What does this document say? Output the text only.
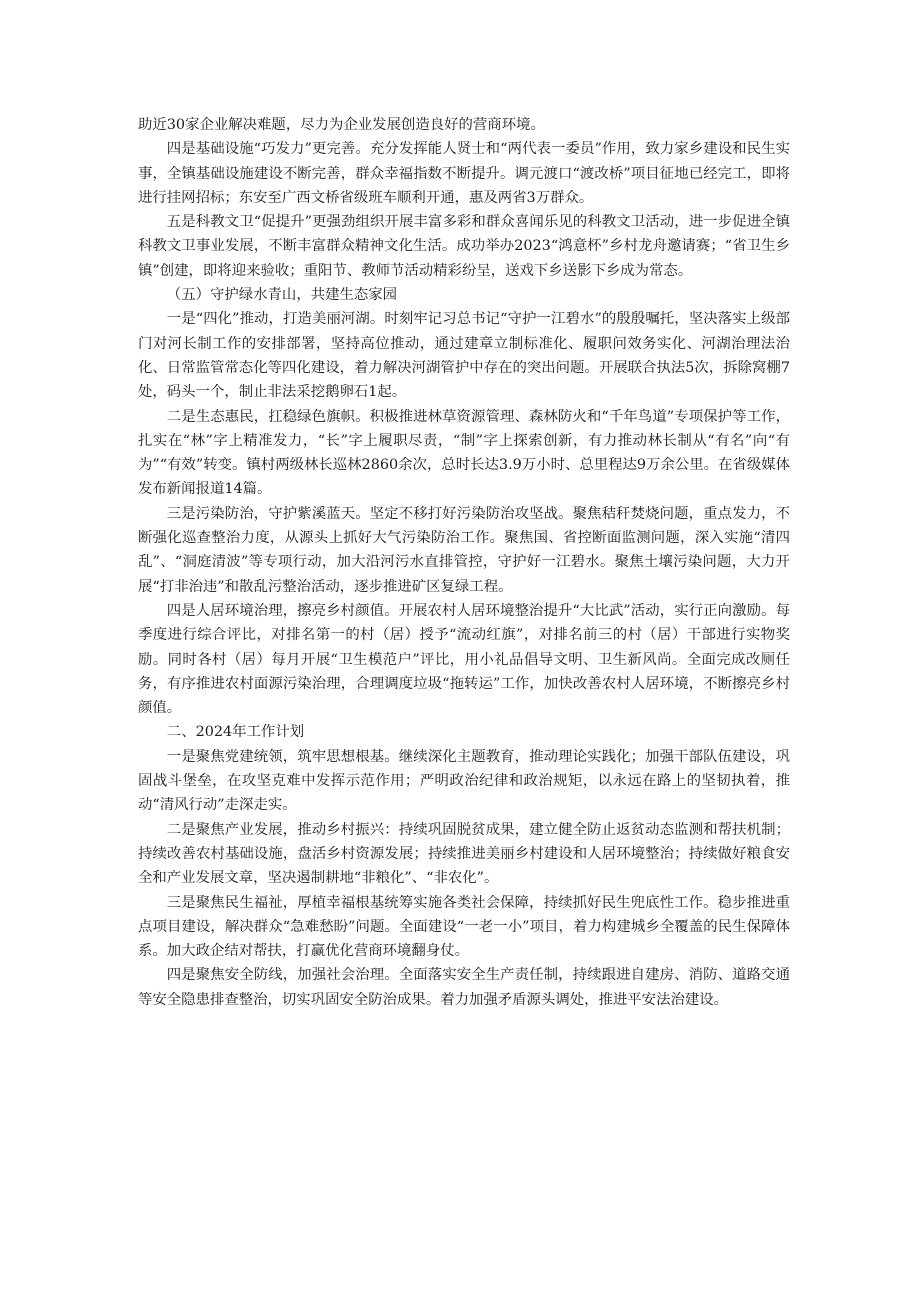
助近30家企业解决难题，尽力为企业发展创造良好的营商环境。

四是基础设施“巧发力”更完善。充分发挥能人贤士和“两代表一委员”作用，致力家乡建设和民生实事，全镇基础设施建设不断完善，群众幸福指数不断提升。调元渡口“渡改桥”项目征地已经完工，即将进行挂网招标；东安至广西文桥省级班车顺利开通，惠及两省3万群众。

五是科教文卫“促提升”更强劲组织开展丰富多彩和群众喜闻乐见的科教文卫活动，进一步促进全镇科教文卫事业发展，不断丰富群众精神文化生活。成功举办2023“鸿意杯”乡村龙舟邀请赛；“省卫生乡镇”创建，即将迎来验收；重阳节、教师节活动精彩纷呈，送戏下乡送影下乡成为常态。

（五）守护绿水青山，共建生态家园

一是“四化”推动，打造美丽河湖。时刻牢记习总书记“守护一江碧水”的殷殷嘱托，坚决落实上级部门对河长制工作的安排部署，坚持高位推动，通过建章立制标准化、履职问效务实化、河湖治理法治化、日常监管常态化等四化建设，着力解决河湖管护中存在的突出问题。开展联合执法5次，拆除窝棚7处，码头一个，制止非法采挖鹅卵石1起。

二是生态惠民，扛稳绿色旗帜。积极推进林草资源管理、森林防火和“千年鸟道”专项保护等工作，扎实在“林”字上精准发力，“长”字上履职尽责，“制”字上探索创新，有力推动林长制从“有名”向“有为”“有效”转变。镇村两级林长巡林2860余次，总时长达3.9万小时、总里程达9万余公里。在省级媒体发布新闻报道14篇。

三是污染防治，守护紫溪蓝天。坚定不移打好污染防治攻坚战。聚焦秸秆焚烧问题，重点发力，不断强化巡查整治力度，从源头上抓好大气污染防治工作。聚焦国、省控断面监测问题，深入实施“清四乱”、“洞庭清波”等专项行动，加大沿河污水直排管控，守护好一江碧水。聚焦土壤污染问题，大力开展“打非治违”和散乱污整治活动，逐步推进矿区复绿工程。

四是人居环境治理，擦亮乡村颜值。开展农村人居环境整治提升“大比武”活动，实行正向激励。每季度进行综合评比，对排名第一的村（居）授予“流动红旗”，对排名前三的村（居）干部进行实物奖励。同时各村（居）每月开展“卫生模范户”评比，用小礼品倡导文明、卫生新风尚。全面完成改厕任务，有序推进农村面源污染治理，合理调度垃圾“拖转运”工作，加快改善农村人居环境，不断擦亮乡村颜值。

二、2024年工作计划

一是聚焦党建统领，筑牢思想根基。继续深化主题教育，推动理论实践化；加强干部队伍建设，巩固战斗堡垒，在攻坚克难中发挥示范作用；严明政治纪律和政治规矩，以永远在路上的坚韧执着，推动“清风行动”走深走实。

二是聚焦产业发展，推动乡村振兴：持续巩固脱贫成果，建立健全防止返贫动态监测和帮扶机制；持续改善农村基础设施，盘活乡村资源发展；持续推进美丽乡村建设和人居环境整治；持续做好粮食安全和产业发展文章，坚决遏制耕地“非粮化”、“非农化”。

三是聚焦民生福祉，厚植幸福根基统筹实施各类社会保障，持续抓好民生兜底性工作。稳步推进重点项目建设，解决群众“急难愁盼”问题。全面建设“一老一小”项目，着力构建城乡全覆盖的民生保障体系。加大政企结对帮扶，打赢优化营商环境翻身仗。

四是聚焦安全防线，加强社会治理。全面落实安全生产责任制，持续跟进自建房、消防、道路交通等安全隐患排查整治，切实巩固安全防治成果。着力加强矛盾源头调处，推进平安法治建设。
